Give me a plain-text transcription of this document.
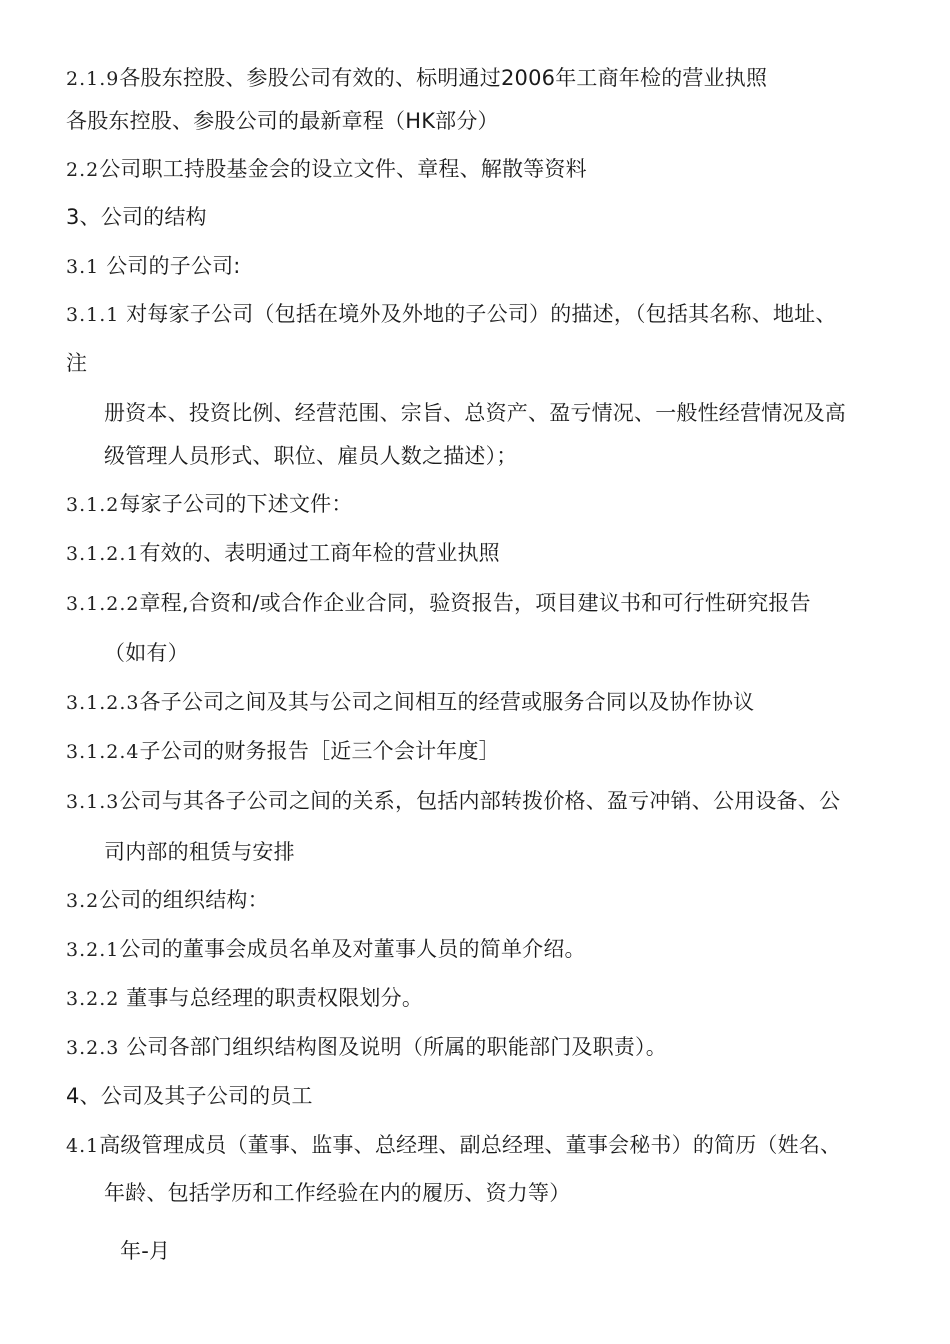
2.1.9各股东控股、参股公司有效的、标明通过2006年工商年检的营业执照
各股东控股、参股公司的最新章程（HK部分）
2.2公司职工持股基金会的设立文件、章程、解散等资料
3、公司的结构
3.1 公司的子公司:
3.1.1 对每家子公司（包括在境外及外地的子公司）的描述，（包括其名称、地址、
注
册资本、投资比例、经营范围、宗旨、总资产、盈亏情况、一般性经营情况及高
级管理人员形式、职位、雇员人数之描述）；
3.1.2每家子公司的下述文件：
3.1.2.1有效的、表明通过工商年检的营业执照
3.1.2.2章程,合资和/或合作企业合同，验资报告，项目建议书和可行性研究报告
（如有）
3.1.2.3各子公司之间及其与公司之间相互的经营或服务合同以及协作协议
3.1.2.4子公司的财务报告［近三个会计年度］
3.1.3公司与其各子公司之间的关系，包括内部转拨价格、盈亏冲销、公用设备、公
司内部的租赁与安排
3.2公司的组织结构：
3.2.1公司的董事会成员名单及对董事人员的简单介绍。
3.2.2 董事与总经理的职责权限划分。
3.2.3 公司各部门组织结构图及说明（所属的职能部门及职责）。
4、公司及其子公司的员工
4.1高级管理成员（董事、监事、总经理、副总经理、董事会秘书）的简历（姓名、
年龄、包括学历和工作经验在内的履历、资力等）
年-月
